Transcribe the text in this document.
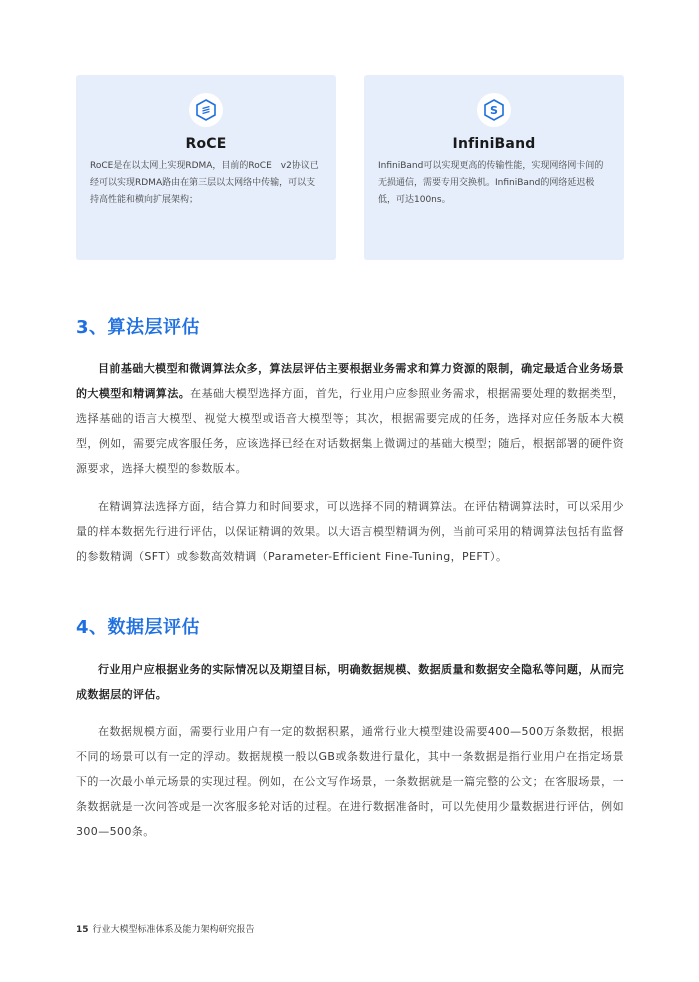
RoCE
RoCE是在以太网上实现RDMA，目前的RoCE　v2协议已经可以实现RDMA路由在第三层以太网络中传输，可以支持高性能和横向扩展架构；
S
InfiniBand
InfiniBand可以实现更高的传输性能，实现网络网卡间的无损通信，需要专用交换机。InfiniBand的网络延迟极低，可达100ns。
3、算法层评估
目前基础大模型和微调算法众多，算法层评估主要根据业务需求和算力资源的限制，确定最适合业务场景的大模型和精调算法。在基础大模型选择方面，首先，行业用户应参照业务需求，根据需要处理的数据类型，选择基础的语言大模型、视觉大模型或语音大模型等；其次，根据需要完成的任务，选择对应任务版本大模型，例如，需要完成客服任务，应该选择已经在对话数据集上微调过的基础大模型；随后，根据部署的硬件资源要求，选择大模型的参数版本。
在精调算法选择方面，结合算力和时间要求，可以选择不同的精调算法。在评估精调算法时，可以采用少量的样本数据先行进行评估，以保证精调的效果。以大语言模型精调为例，当前可采用的精调算法包括有监督的参数精调（SFT）或参数高效精调（Parameter-Efficient Fine-Tuning，PEFT）。
4、数据层评估
行业用户应根据业务的实际情况以及期望目标，明确数据规模、数据质量和数据安全隐私等问题，从而完成数据层的评估。
在数据规模方面，需要行业用户有一定的数据积累，通常行业大模型建设需要400—500万条数据，根据不同的场景可以有一定的浮动。数据规模一般以GB或条数进行量化，其中一条数据是指行业用户在指定场景下的一次最小单元场景的实现过程。例如，在公文写作场景，一条数据就是一篇完整的公文；在客服场景，一条数据就是一次问答或是一次客服多轮对话的过程。在进行数据准备时，可以先使用少量数据进行评估，例如300—500条。
15 行业大模型标准体系及能力架构研究报告
